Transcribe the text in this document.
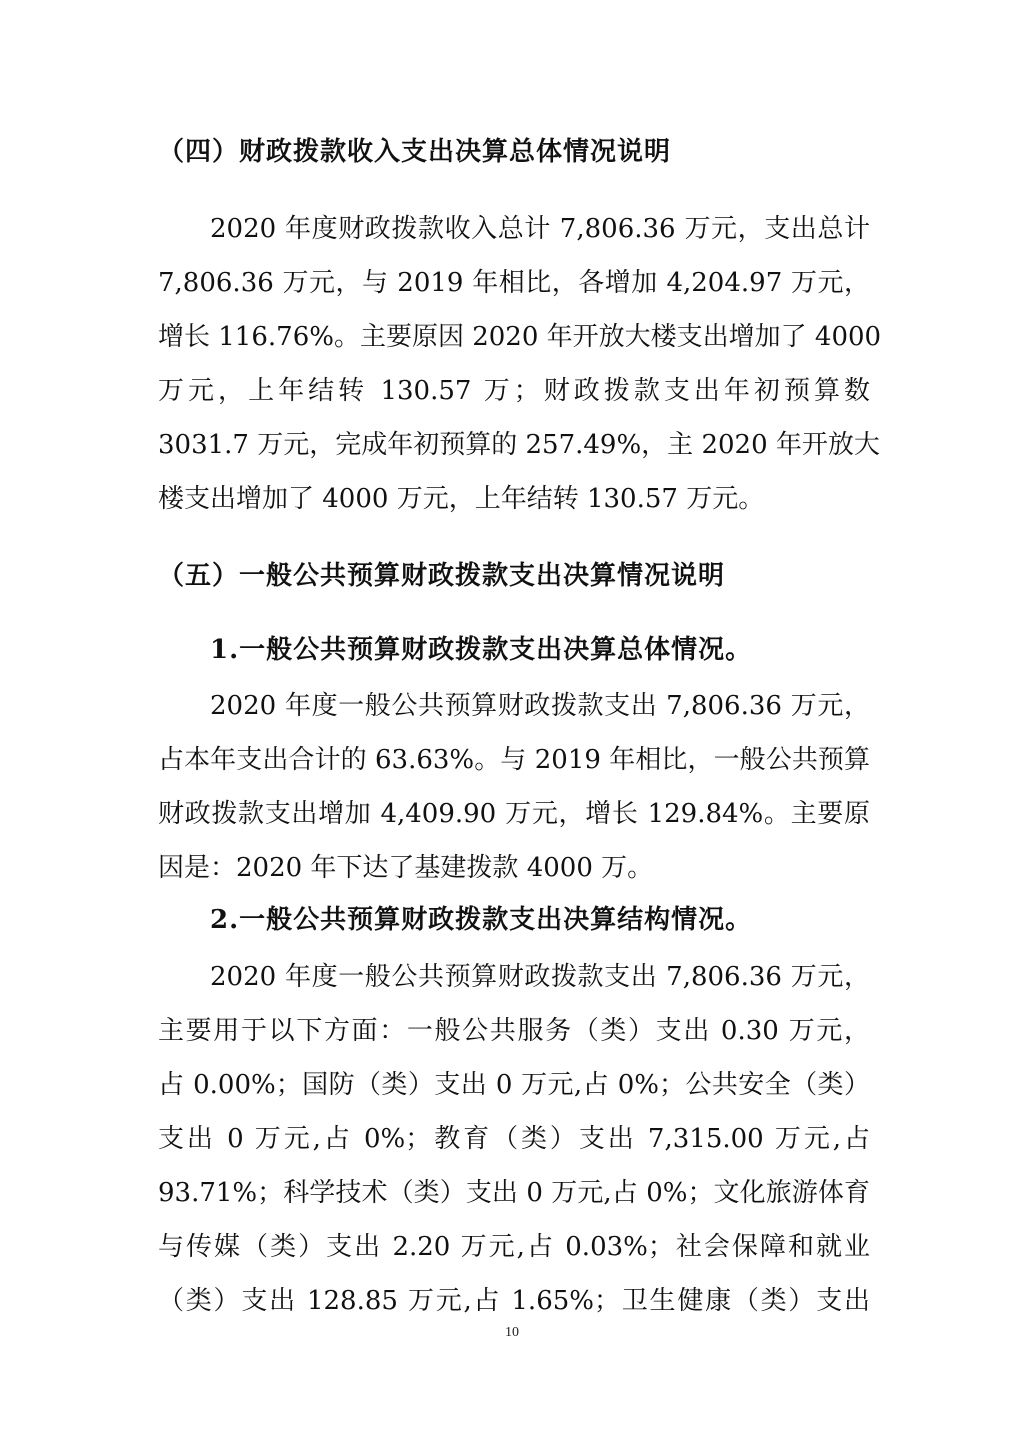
（四）财政拨款收入支出决算总体情况说明
2020 年度财政拨款收入总计 7,806.36 万元，支出总计
7,806.36 万元，与 2019 年相比，各增加 4,204.97 万元，
增长 116.76%。主要原因 2020 年开放大楼支出增加了 4000
万元，上年结转 130.57 万；财政拨款支出年初预算数
3031.7 万元，完成年初预算的 257.49%，主 2020 年开放大
楼支出增加了 4000 万元，上年结转 130.57 万元。
（五）一般公共预算财政拨款支出决算情况说明
1.一般公共预算财政拨款支出决算总体情况。
2020 年度一般公共预算财政拨款支出 7,806.36 万元，
占本年支出合计的 63.63%。与 2019 年相比，一般公共预算
财政拨款支出增加 4,409.90 万元，增长 129.84%。主要原
因是：2020 年下达了基建拨款 4000 万。
2.一般公共预算财政拨款支出决算结构情况。
2020 年度一般公共预算财政拨款支出 7,806.36 万元，
主要用于以下方面：一般公共服务（类）支出 0.30 万元，
占 0.00%；国防（类）支出 0 万元,占 0%；公共安全（类）
支出 0 万元,占 0%；教育（类）支出 7,315.00 万元,占
93.71%；科学技术（类）支出 0 万元,占 0%；文化旅游体育
与传媒（类）支出 2.20 万元,占 0.03%；社会保障和就业
（类）支出 128.85 万元,占 1.65%；卫生健康（类）支出
10
